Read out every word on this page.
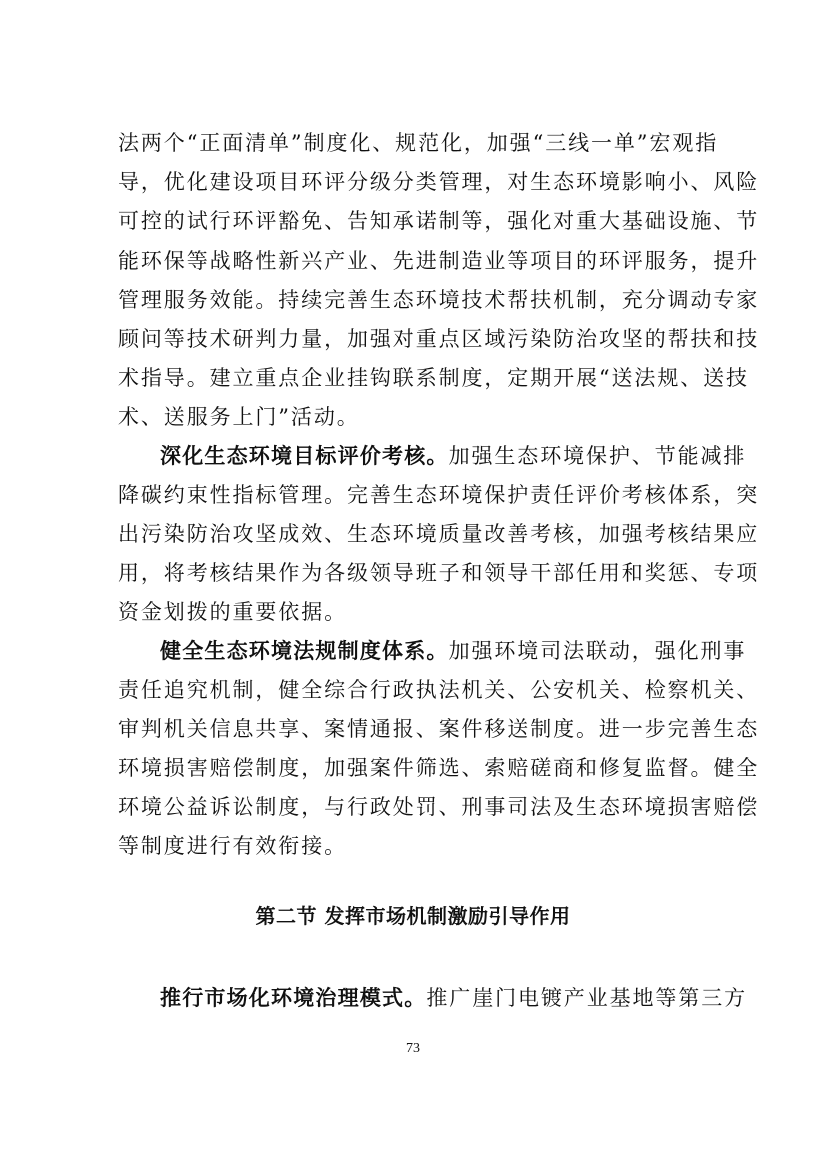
法两个“正面清单”制度化、规范化，加强“三线一单”宏观指
导，优化建设项目环评分级分类管理，对生态环境影响小、风险
可控的试行环评豁免、告知承诺制等，强化对重大基础设施、节
能环保等战略性新兴产业、先进制造业等项目的环评服务，提升
管理服务效能。持续完善生态环境技术帮扶机制，充分调动专家
顾问等技术研判力量，加强对重点区域污染防治攻坚的帮扶和技
术指导。建立重点企业挂钩联系制度，定期开展“送法规、送技
术、送服务上门”活动。
深化生态环境目标评价考核。加强生态环境保护、节能减排
降碳约束性指标管理。完善生态环境保护责任评价考核体系，突
出污染防治攻坚成效、生态环境质量改善考核，加强考核结果应
用，将考核结果作为各级领导班子和领导干部任用和奖惩、专项
资金划拨的重要依据。
健全生态环境法规制度体系。加强环境司法联动，强化刑事
责任追究机制，健全综合行政执法机关、公安机关、检察机关、
审判机关信息共享、案情通报、案件移送制度。进一步完善生态
环境损害赔偿制度，加强案件筛选、索赔磋商和修复监督。健全
环境公益诉讼制度，与行政处罚、刑事司法及生态环境损害赔偿
等制度进行有效衔接。
第二节 发挥市场机制激励引导作用
推行市场化环境治理模式。推广崖门电镀产业基地等第三方
73
